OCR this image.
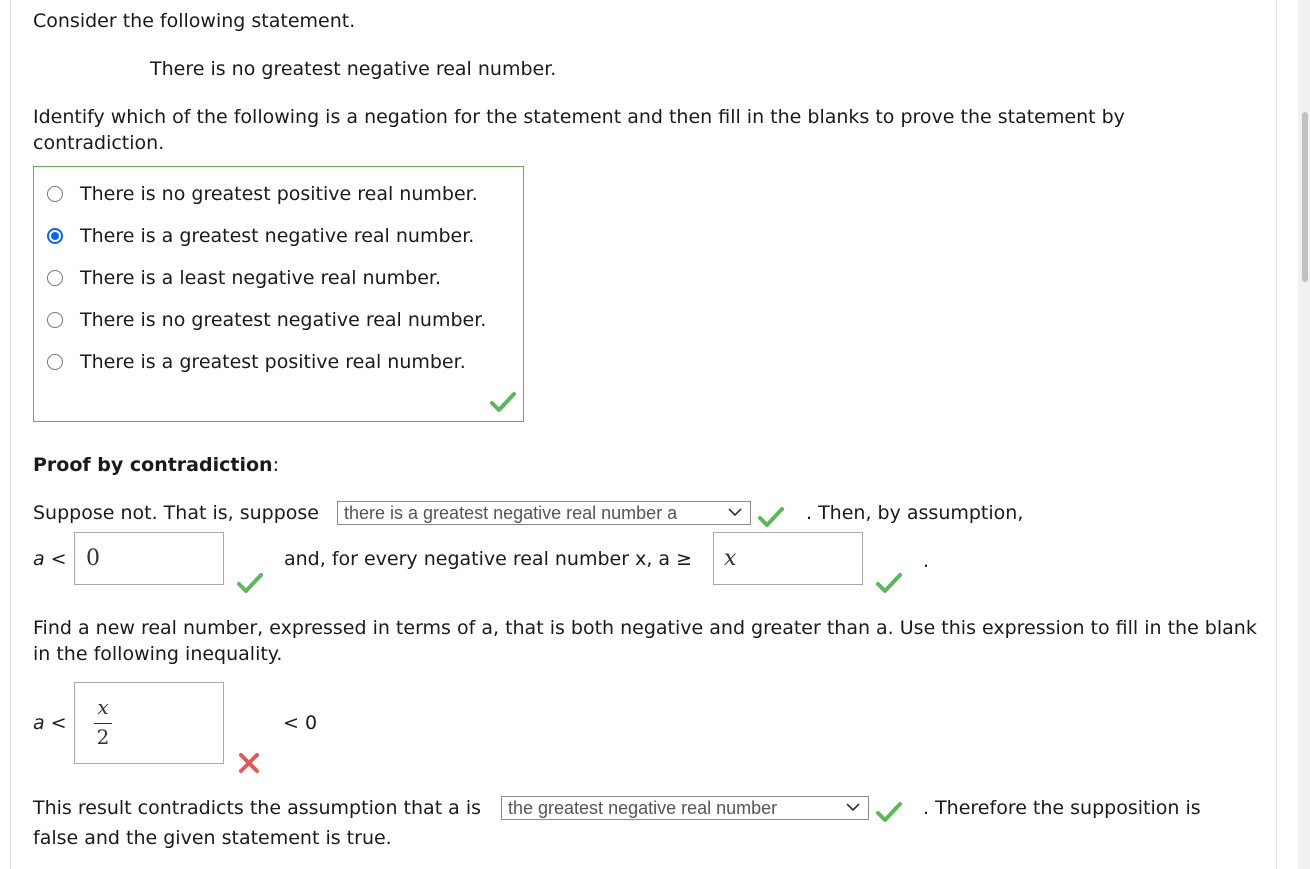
Consider the following statement.
There is no greatest negative real number.
Identify which of the following is a negation for the statement and then fill in the blanks to prove the statement by contradiction.
There is no greatest positive real number.
There is a greatest negative real number.
There is a least negative real number.
There is no greatest negative real number.
There is a greatest positive real number.
Proof by contradiction:
Suppose not. That is, suppose	there is a greatest negative real number a	. Then, by assumption,
a < 0	and, for every negative real number x, a ≥ x	.
Find a new real number, expressed in terms of a, that is both negative and greater than a. Use this expression to fill in the blank in the following inequality.
a <
x
2
< 0
This result contradicts the assumption that a is	the greatest negative real number	. Therefore the supposition is
false and the given statement is true.
